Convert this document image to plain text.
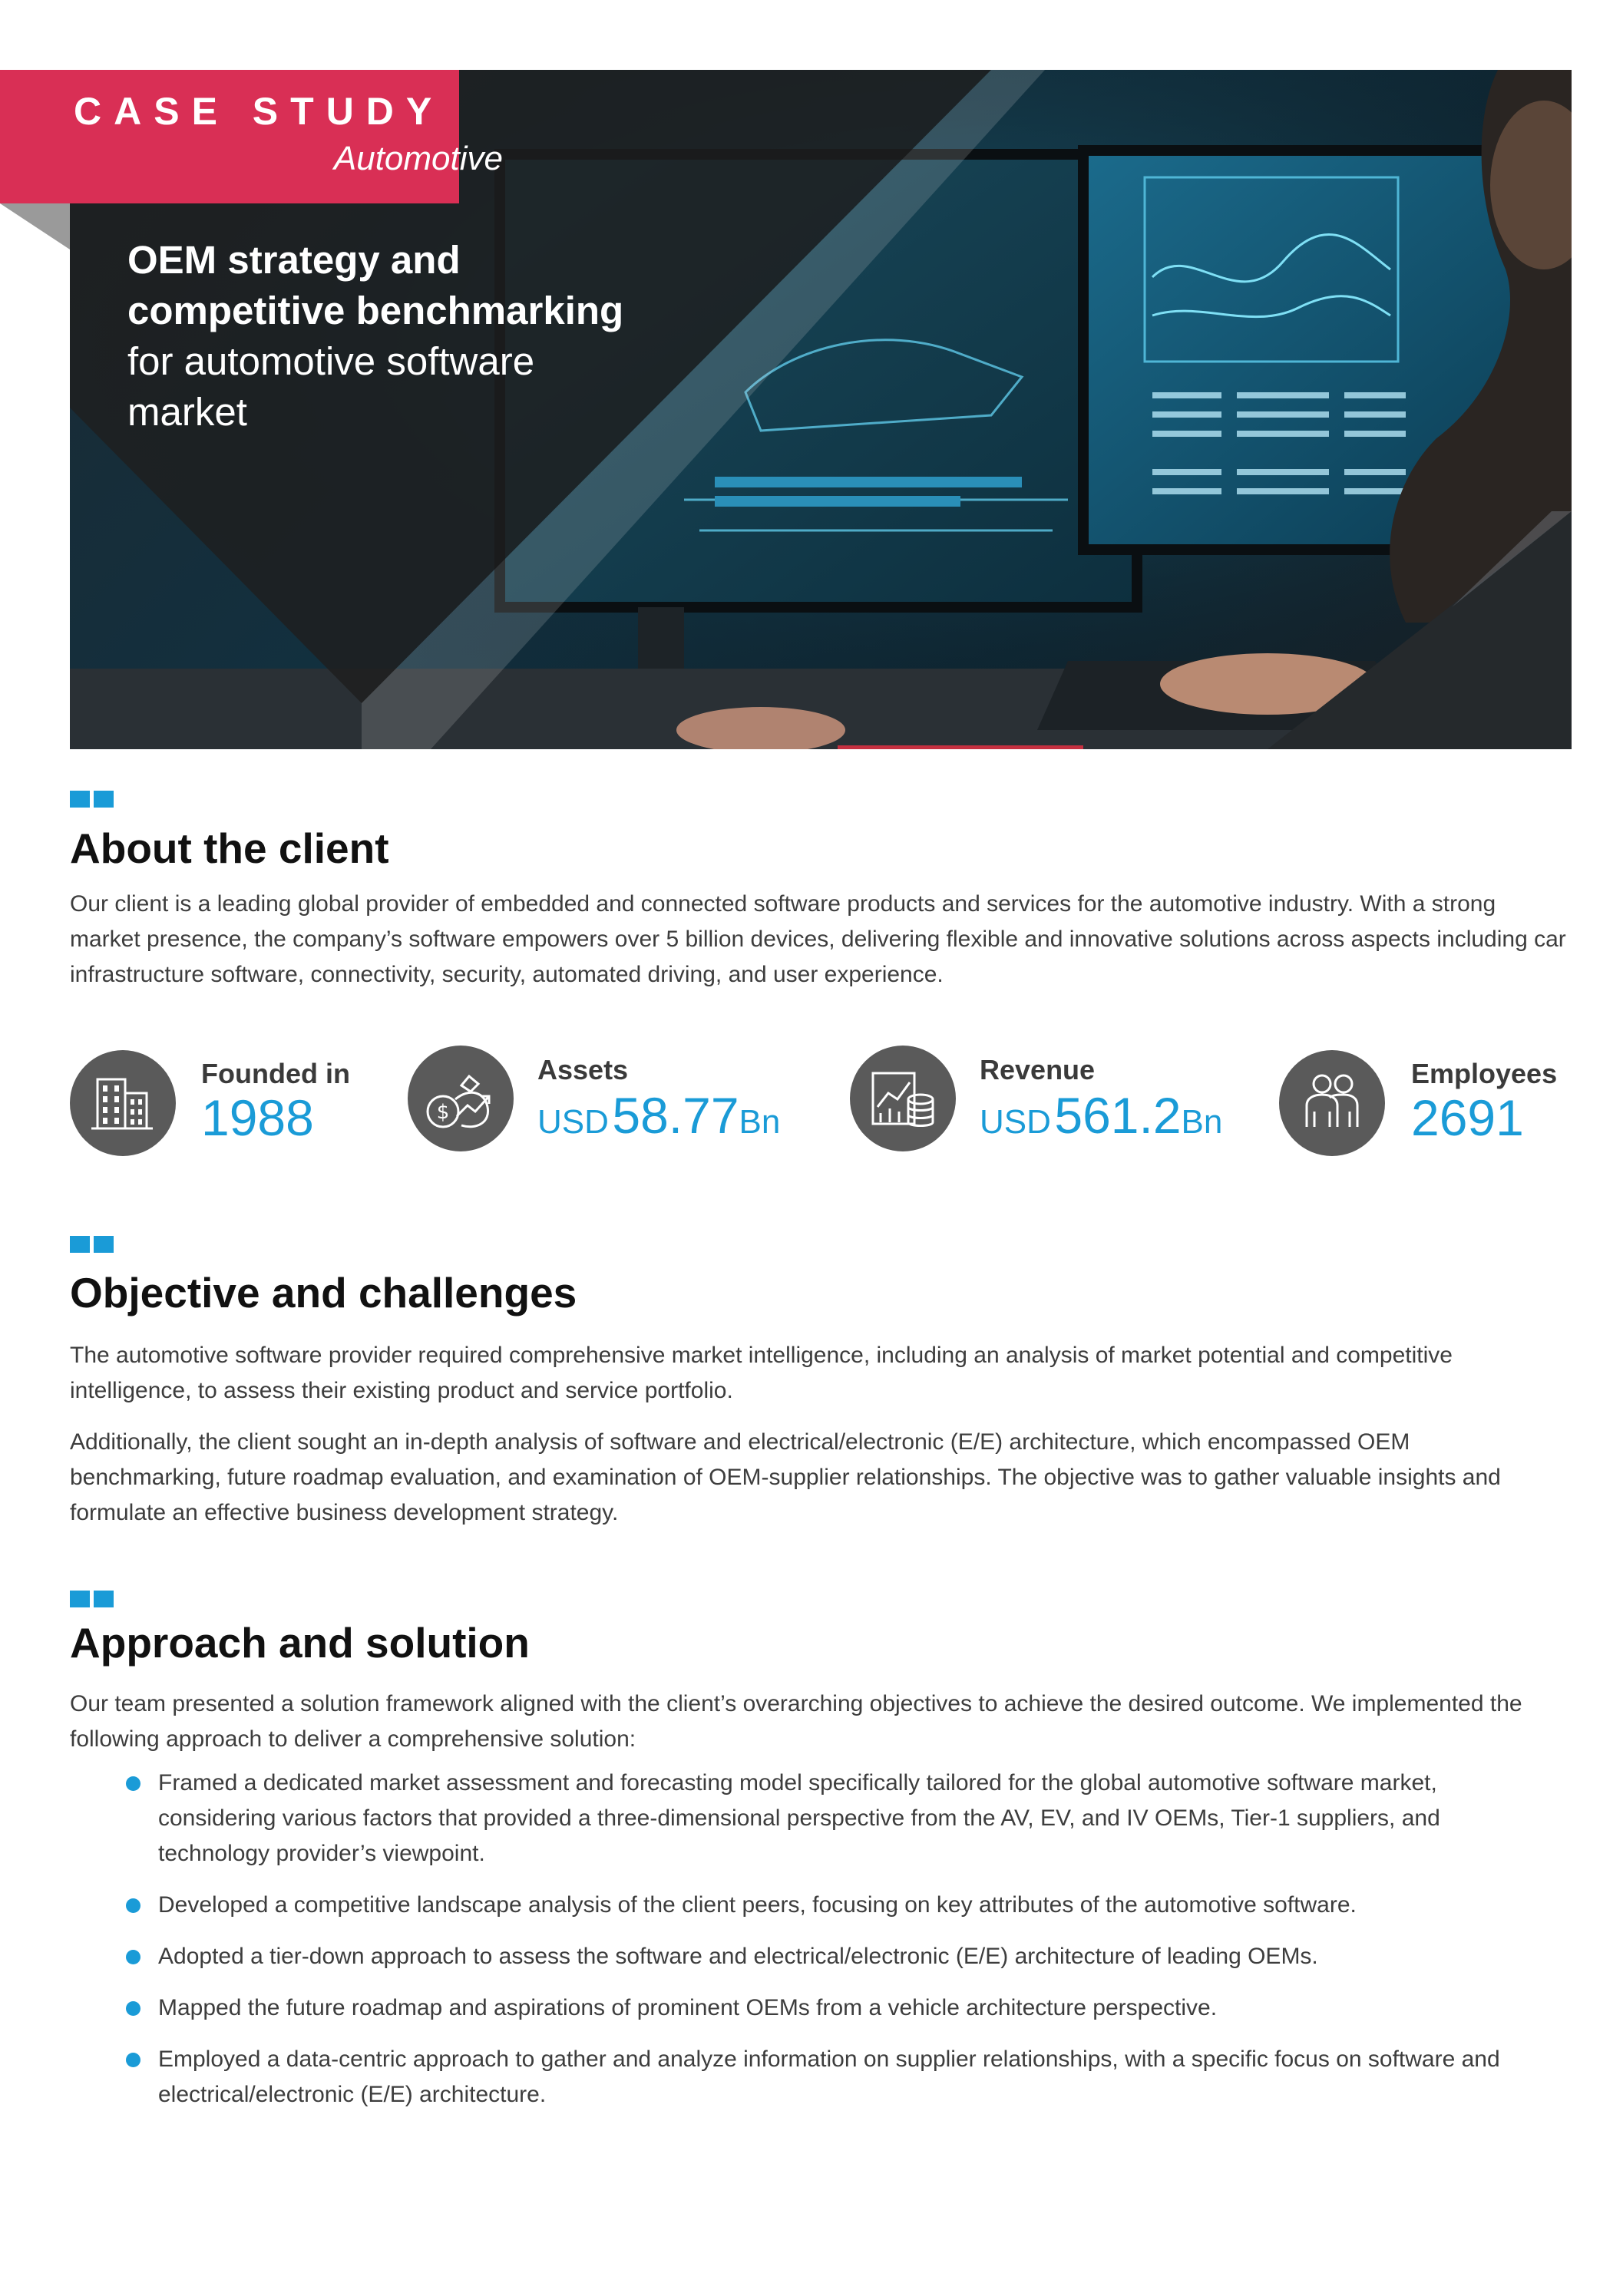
CASE STUDY
Automotive
OEM strategy and
competitive benchmarking
for automotive software
market
About the client

Our client is a leading global provider of embedded and connected software products and services for the automotive industry. With a strong market presence, the company’s software empowers over 5 billion devices, delivering flexible and innovative solutions across aspects including car infrastructure software, connectivity, security, automated driving, and user experience.

Founded in
1988	$
Assets
USD 58.77Bn
Revenue
USD 561.2Bn
Employees
2691
Objective and challenges

The automotive software provider required comprehensive market intelligence, including an analysis of market potential and competitive intelligence, to assess their existing product and service portfolio.

Additionally, the client sought an in-depth analysis of software and electrical/electronic (E/E) architecture, which encompassed OEM benchmarking, future roadmap evaluation, and examination of OEM-supplier relationships. The objective was to gather valuable insights and formulate an effective business development strategy.

Approach and solution

Our team presented a solution framework aligned with the client’s overarching objectives to achieve the desired outcome. We implemented the following approach to deliver a comprehensive solution:

Framed a dedicated market assessment and forecasting model specifically tailored for the global automotive software market, considering various factors that provided a three-dimensional perspective from the AV, EV, and IV OEMs, Tier-1 suppliers, and technology provider’s viewpoint.
Developed a competitive landscape analysis of the client peers, focusing on key attributes of the automotive software.
Adopted a tier-down approach to assess the software and electrical/electronic (E/E) architecture of leading OEMs.
Mapped the future roadmap and aspirations of prominent OEMs from a vehicle architecture perspective.
Employed a data-centric approach to gather and analyze information on supplier relationships, with a specific focus on software and electrical/electronic (E/E) architecture.
